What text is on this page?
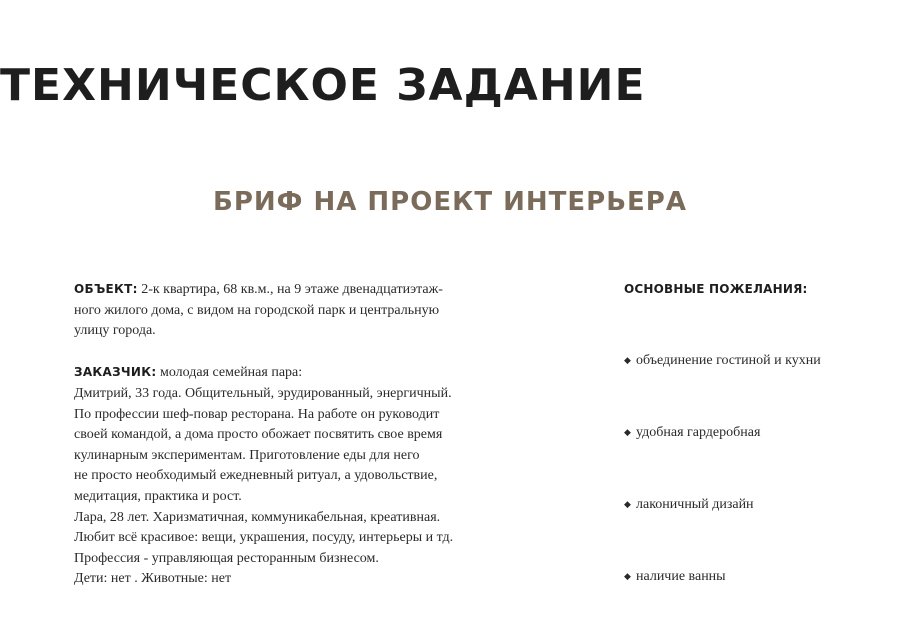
ТЕХНИЧЕСКОЕ ЗАДАНИЕ
БРИФ НА ПРОЕКТ ИНТЕРЬЕРА
ОБЪЕКТ: 2-к квартира, 68 кв.м., на 9 этаже двенадцатиэтаж-
ного жилого дома, с видом на городской парк и центральную
улицу города.
ЗАКАЗЧИК: молодая семейная пара:
Дмитрий, 33 года. Общительный, эрудированный, энергичный.
По профессии шеф-повар ресторана. На работе он руководит
своей командой, а дома просто обожает посвятить свое время
кулинарным экспериментам. Приготовление еды для него
не просто необходимый ежедневный ритуал, а удовольствие,
медитация, практика и рост.
Лара, 28 лет. Харизматичная, коммуникабельная, креативная.
Любит всё красивое: вещи, украшения, посуду, интерьеры и тд.
Профессия - управляющая ресторанным бизнесом.
Дети: нет . Животные: нет
ОСНОВНЫЕ ПОЖЕЛАНИЯ:
◆ объединение гостиной и кухни
◆ удобная гардеробная
◆ лаконичный дизайн
◆ наличие ванны
